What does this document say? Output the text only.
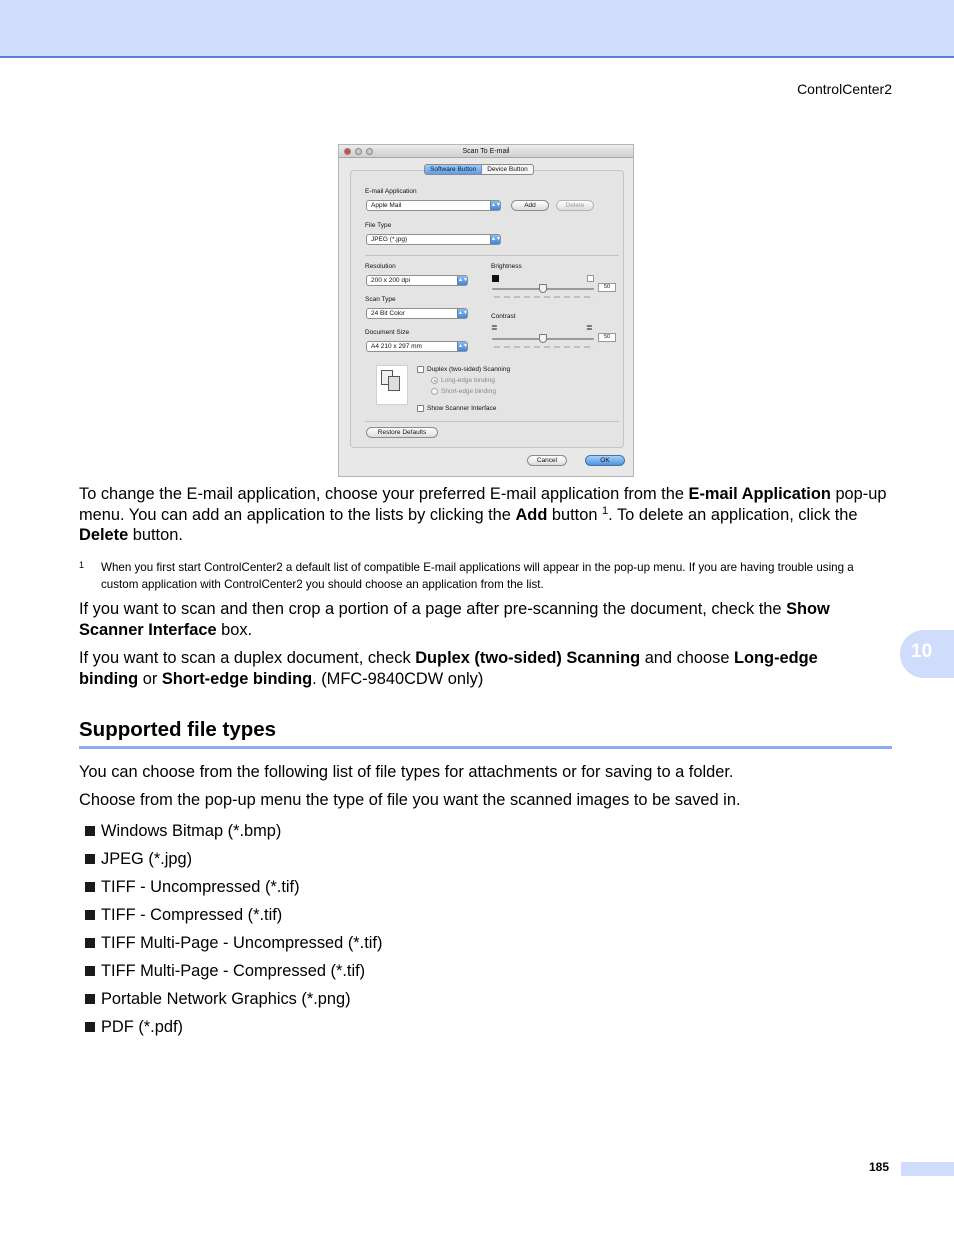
ControlCenter2
Scan To E-mail
Software Button	Device Button
E-mail Application
Apple Mail	▲▼	Add	Delete
File Type
JPEG (*.jpg)	▲▼
Resolution
200 x 200 dpi	▲▼
Scan Type
24 Bit Color	▲▼
Document Size
A4 210 x 297 mm	▲▼
Brightness
50
Contrast
≣	≣
50
Duplex (two-sided) Scanning
Long-edge binding
Short-edge binding
Show Scanner Interface
Restore Defaults
Cancel	OK
To change the E-mail application, choose your preferred E-mail application from the E-mail Application pop-up menu. You can add an application to the lists by clicking the Add button $^1$. To delete an application, click the Delete button.
1	When you first start ControlCenter2 a default list of compatible E-mail applications will appear in the pop-up menu. If you are having trouble using a custom application with ControlCenter2 you should choose an application from the list.
If you want to scan and then crop a portion of a page after pre-scanning the document, check the Show Scanner Interface box.
If you want to scan a duplex document, check Duplex (two-sided) Scanning and choose Long-edge binding or Short-edge binding. (MFC-9840CDW only)
10
Supported file types
You can choose from the following list of file types for attachments or for saving to a folder.
Choose from the pop-up menu the type of file you want the scanned images to be saved in.
Windows Bitmap (*.bmp)
JPEG (*.jpg)
TIFF - Uncompressed (*.tif)
TIFF - Compressed (*.tif)
TIFF Multi-Page - Uncompressed (*.tif)
TIFF Multi-Page - Compressed (*.tif)
Portable Network Graphics (*.png)
PDF (*.pdf)
185
